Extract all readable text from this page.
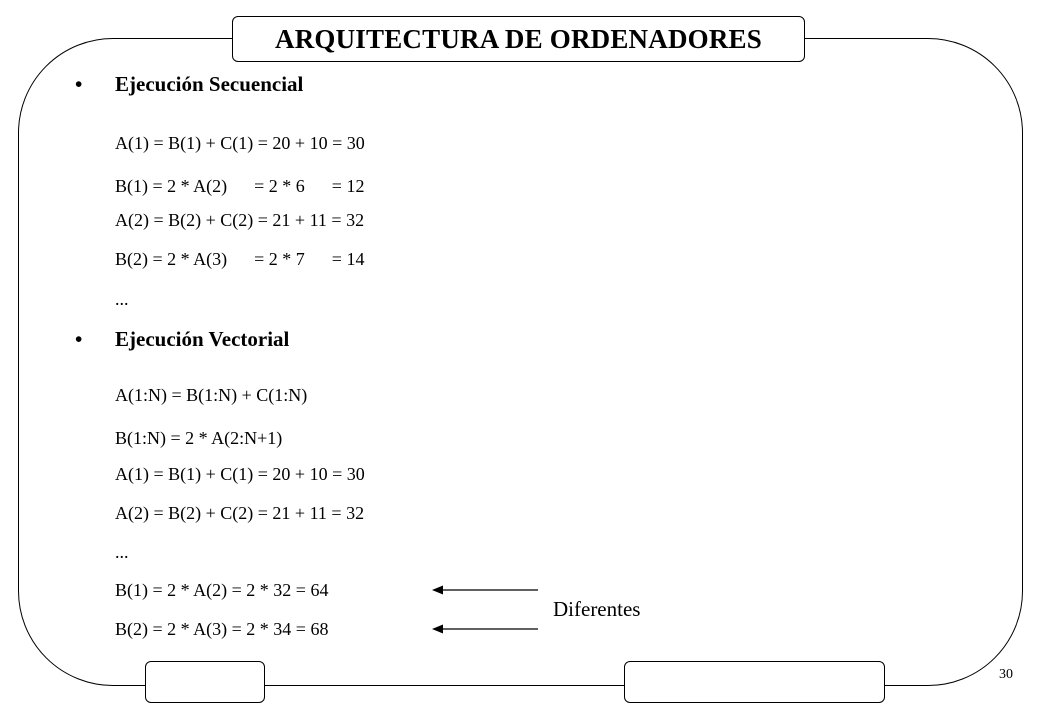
ARQUITECTURA DE ORDENADORES
• Ejecución Secuencial
A(1) = B(1) + C(1) = 20 + 10 = 30
B(1) = 2 * A(2)      = 2 * 6      = 12
A(2) = B(2) + C(2) = 21 + 11 = 32
B(2) = 2 * A(3)      = 2 * 7      = 14
...
• Ejecución Vectorial
A(1:N) = B(1:N) + C(1:N)
B(1:N) = 2 * A(2:N+1)
A(1) = B(1) + C(1) = 20 + 10 = 30
A(2) = B(2) + C(2) = 21 + 11 = 32
...
B(1) = 2 * A(2) = 2 * 32 = 64
B(2) = 2 * A(3) = 2 * 34 = 68
Diferentes
30
